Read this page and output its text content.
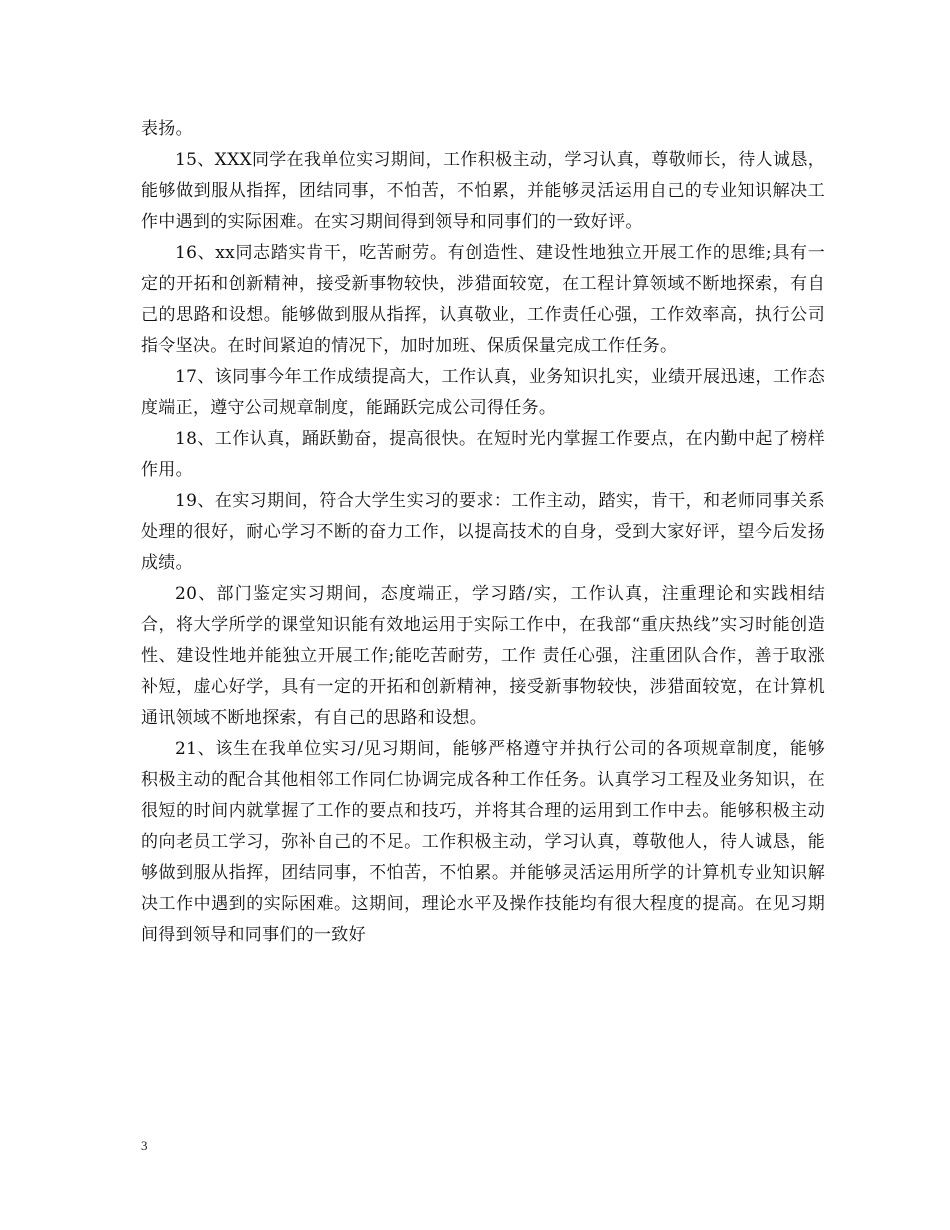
表扬。

15、XXX同学在我单位实习期间，工作积极主动，学习认真，尊敬师长，待人诚恳，能够做到服从指挥，团结同事，不怕苦，不怕累，并能够灵活运用自己的专业知识解决工作中遇到的实际困难。在实习期间得到领导和同事们的一致好评。

16、xx同志踏实肯干，吃苦耐劳。有创造性、建设性地独立开展工作的思维;具有一定的开拓和创新精神，接受新事物较快，涉猎面较宽，在工程计算领域不断地探索，有自己的思路和设想。能够做到服从指挥，认真敬业，工作责任心强，工作效率高，执行公司指令坚决。在时间紧迫的情况下，加时加班、保质保量完成工作任务。

17、该同事今年工作成绩提高大，工作认真，业务知识扎实，业绩开展迅速，工作态度端正，遵守公司规章制度，能踊跃完成公司得任务。

18、工作认真，踊跃勤奋，提高很快。在短时光内掌握工作要点，在内勤中起了榜样作用。

19、在实习期间，符合大学生实习的要求：工作主动，踏实，肯干，和老师同事关系处理的很好，耐心学习不断的奋力工作，以提高技术的自身，受到大家好评，望今后发扬成绩。

20、部门鉴定实习期间，态度端正，学习踏/实，工作认真，注重理论和实践相结合，将大学所学的课堂知识能有效地运用于实际工作中，在我部“重庆热线”实习时能创造性、建设性地并能独立开展工作;能吃苦耐劳，工作 责任心强，注重团队合作，善于取涨补短，虚心好学，具有一定的开拓和创新精神，接受新事物较快，涉猎面较宽，在计算机通讯领域不断地探索，有自己的思路和设想。

21、该生在我单位实习/见习期间，能够严格遵守并执行公司的各项规章制度，能够积极主动的配合其他相邻工作同仁协调完成各种工作任务。认真学习工程及业务知识，在很短的时间内就掌握了工作的要点和技巧，并将其合理的运用到工作中去。能够积极主动的向老员工学习，弥补自己的不足。工作积极主动，学习认真，尊敬他人，待人诚恳，能够做到服从指挥，团结同事，不怕苦，不怕累。并能够灵活运用所学的计算机专业知识解决工作中遇到的实际困难。这期间，理论水平及操作技能均有很大程度的提高。在见习期间得到领导和同事们的一致好

3
